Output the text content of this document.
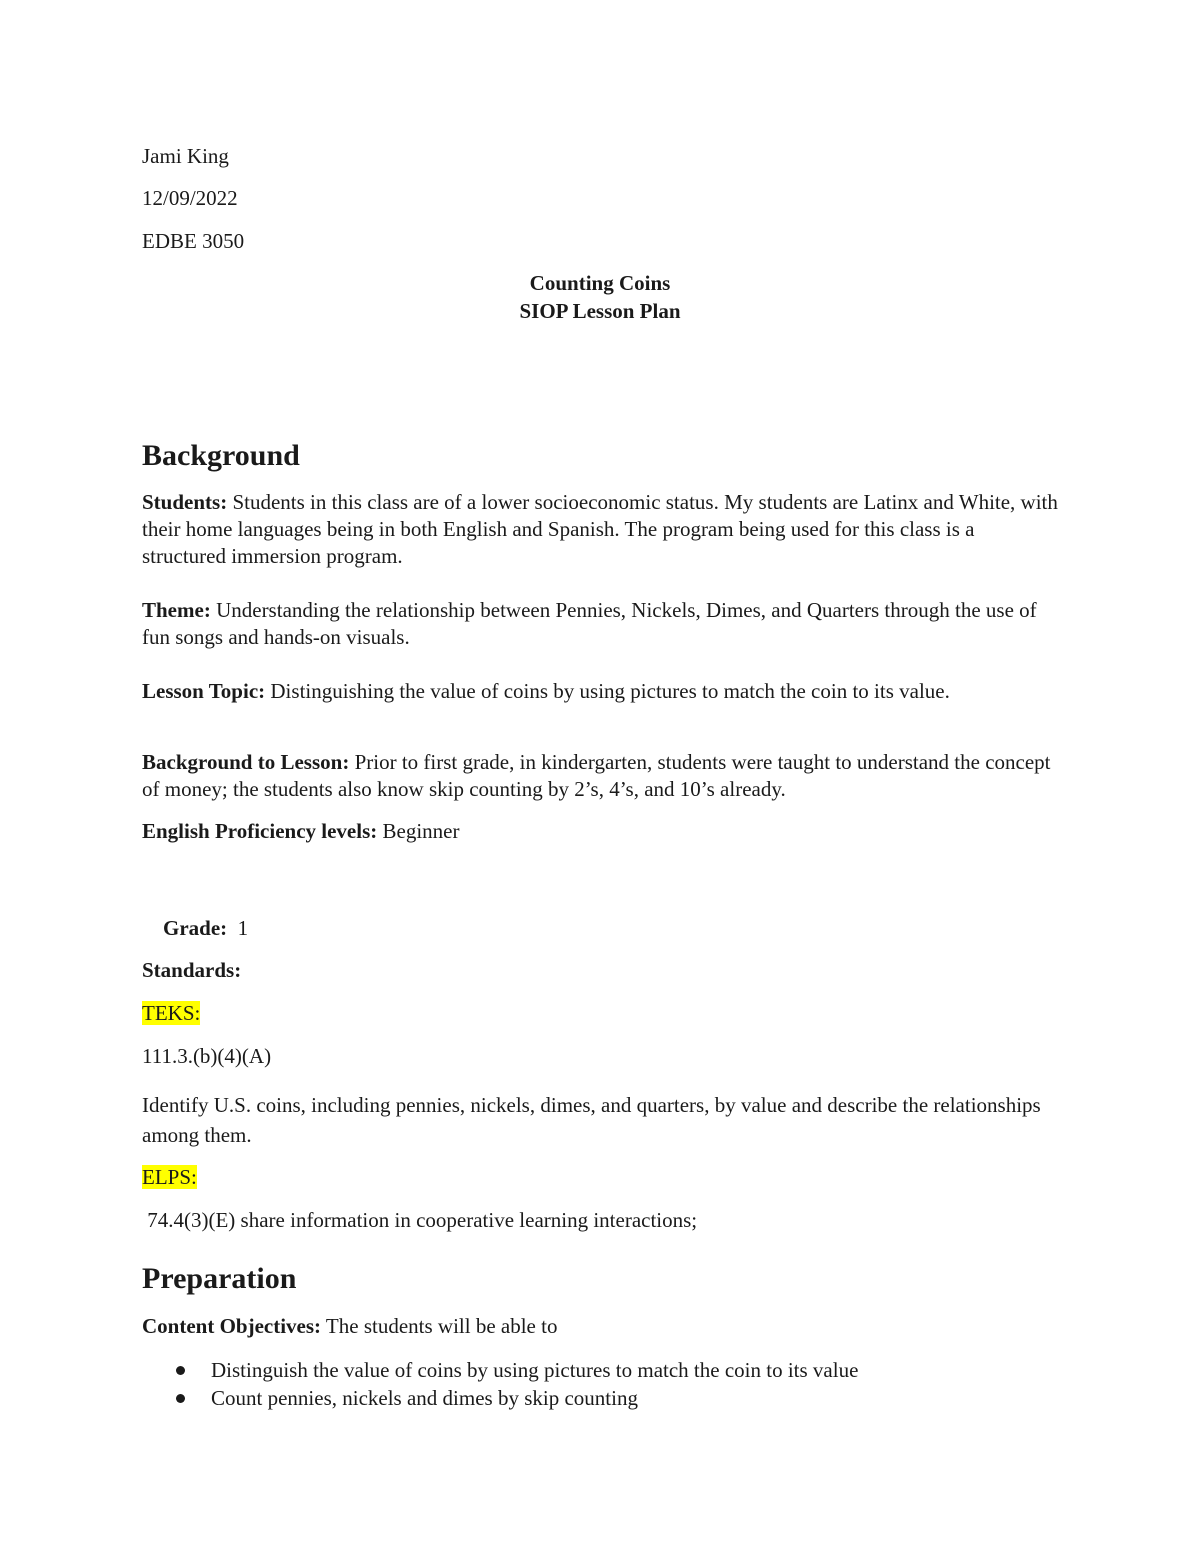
Jami King
12/09/2022
EDBE 3050
Counting Coins
SIOP Lesson Plan
Background
Students: Students in this class are of a lower socioeconomic status. My students are Latinx and White, with their home languages being in both English and Spanish. The program being used for this class is a structured immersion program.
Theme: Understanding the relationship between Pennies, Nickels, Dimes, and Quarters through the use of fun songs and hands-on visuals.
Lesson Topic: Distinguishing the value of coins by using pictures to match the coin to its value.
Background to Lesson: Prior to first grade, in kindergarten, students were taught to understand the concept of money; the students also know skip counting by 2’s, 4’s, and 10’s already.
English Proficiency levels: Beginner

Grade:  1

Standards:
TEKS:
111.3.(b)(4)(A)
Identify U.S. coins, including pennies, nickels, dimes, and quarters, by value and describe the relationships among them.
ELPS:
74.4(3)(E) share information in cooperative learning interactions;
Preparation
Content Objectives: The students will be able to
Distinguish the value of coins by using pictures to match the coin to its value
Count pennies, nickels and dimes by skip counting
